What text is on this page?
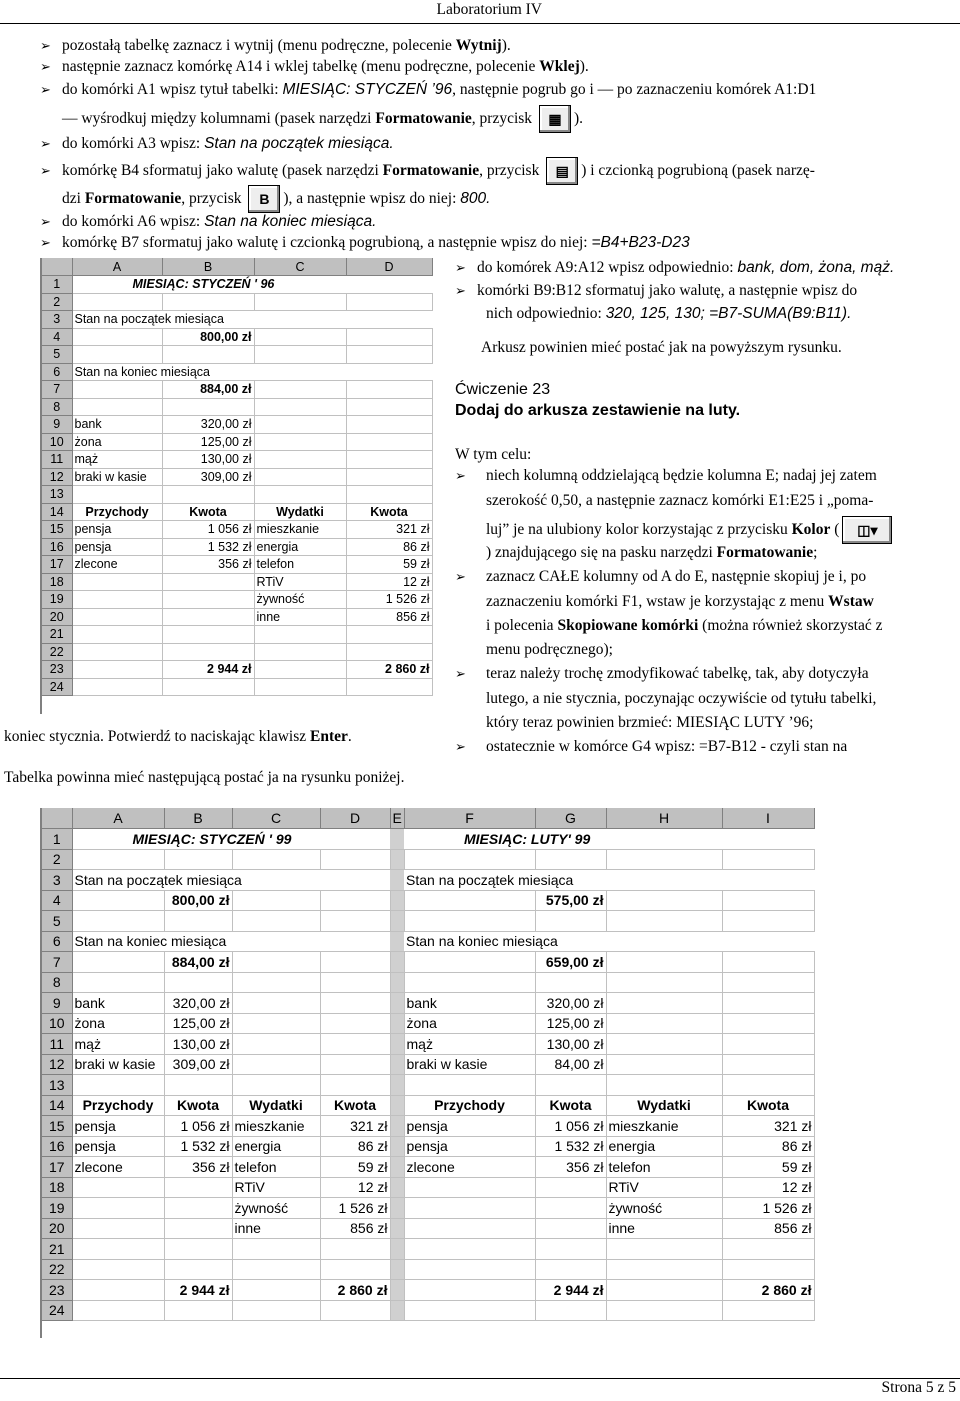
Laboratorium IV
➢ pozostałą tabelkę zaznacz i wytnij (menu podręczne, polecenie Wytnij).
➢ następnie zaznacz komórkę A14 i wklej tabelkę (menu podręczne, polecenie Wklej).
➢ do komórki A1 wpisz tytuł tabelki: MIESIĄC: STYCZEŃ ’96, następnie pogrub go i ― po zaznaczeniu komórek A1:D1
― wyśrodkuj między kolumnami (pasek narzędzi Formatowanie, przycisk ▦ ).
➢ do komórki A3 wpisz: Stan na początek miesiąca.
➢ komórkę B4 sformatuj jako walutę (pasek narzędzi Formatowanie, przycisk ▤ ) i czcionką pogrubioną (pasek narzę-
dzi Formatowanie, przycisk B ), a następnie wpisz do niej: 800.
➢ do komórki A6 wpisz: Stan na koniec miesiąca.
➢ komórkę B7 sformatuj jako walutę i czcionką pogrubioną, a następnie wpisz do niej: =B4+B23-D23
	A	B	C	D
1	MIESIĄC: STYCZEŃ ' 96			
2				
3	Stan na początek miesiąca			
4		800,00 zł		
5				
6	Stan na koniec miesiąca			
7		884,00 zł		
8				
9	bank	320,00 zł		
10	żona	125,00 zł		
11	mąż	130,00 zł		
12	braki w kasie	309,00 zł		
13				
14	Przychody	Kwota	Wydatki	Kwota
15	pensja	1 056 zł	mieszkanie	321 zł
16	pensja	1 532 zł	energia	86 zł
17	zlecone	356 zł	telefon	59 zł
18			RTiV	12 zł
19			żywność	1 526 zł
20			inne	856 zł
21				
22				
23		2 944 zł		2 860 zł
24				
➢ do komórek A9:A12 wpisz odpowiednio: bank, dom, żona, mąż.
➢ komórki B9:B12 sformatuj jako walutę, a następnie wpisz do
nich odpowiednio: 320, 125, 130; =B7-SUMA(B9:B11).
Arkusz powinien mieć postać jak na powyższym rysunku.
Ćwiczenie 23
Dodaj do arkusza zestawienie na luty.
W tym celu:
➢ niech kolumną oddzielającą będzie kolumna E; nadaj jej zatem
szerokość 0,50, a następnie zaznacz komórki E1:E25 i „poma-
luj” je na ulubiony kolor korzystając z przycisku Kolor ( ◫▾
) znajdującego się na pasku narzędzi Formatowanie;
➢ zaznacz CAŁE kolumny od A do E, następnie skopiuj je i, po
zaznaczeniu komórki F1, wstaw je korzystając z menu Wstaw
i polecenia Skopiowane komórki (można również skorzystać z
menu podręcznego);
➢ teraz należy trochę zmodyfikować tabelkę, tak, aby dotyczyła
lutego, a nie stycznia, poczynając oczywiście od tytułu tabelki,
który teraz powinien brzmieć: MIESIĄC LUTY ’96;
➢ ostatecznie w komórce G4 wpisz: =B7-B12 - czyli stan na
koniec stycznia. Potwierdź to naciskając klawisz Enter.
Tabelka powinna mieć następującą postać ja na rysunku poniżej.
	A	B	C	D	E	F	G	H	I
1	MIESIĄC: STYCZEŃ ' 99					MIESIĄC: LUTY' 99			
2									
3	Stan na początek miesiąca					Stan na początek miesiąca			
4		800,00 zł					575,00 zł		
5									
6	Stan na koniec miesiąca					Stan na koniec miesiąca			
7		884,00 zł					659,00 zł		
8									
9	bank	320,00 zł				bank	320,00 zł		
10	żona	125,00 zł				żona	125,00 zł		
11	mąż	130,00 zł				mąż	130,00 zł		
12	braki w kasie	309,00 zł				braki w kasie	84,00 zł		
13									
14	Przychody	Kwota	Wydatki	Kwota		Przychody	Kwota	Wydatki	Kwota
15	pensja	1 056 zł	mieszkanie	321 zł		pensja	1 056 zł	mieszkanie	321 zł
16	pensja	1 532 zł	energia	86 zł		pensja	1 532 zł	energia	86 zł
17	zlecone	356 zł	telefon	59 zł		zlecone	356 zł	telefon	59 zł
18			RTiV	12 zł				RTiV	12 zł
19			żywność	1 526 zł				żywność	1 526 zł
20			inne	856 zł				inne	856 zł
21									
22									
23		2 944 zł		2 860 zł			2 944 zł		2 860 zł
24									
Strona 5 z 5
